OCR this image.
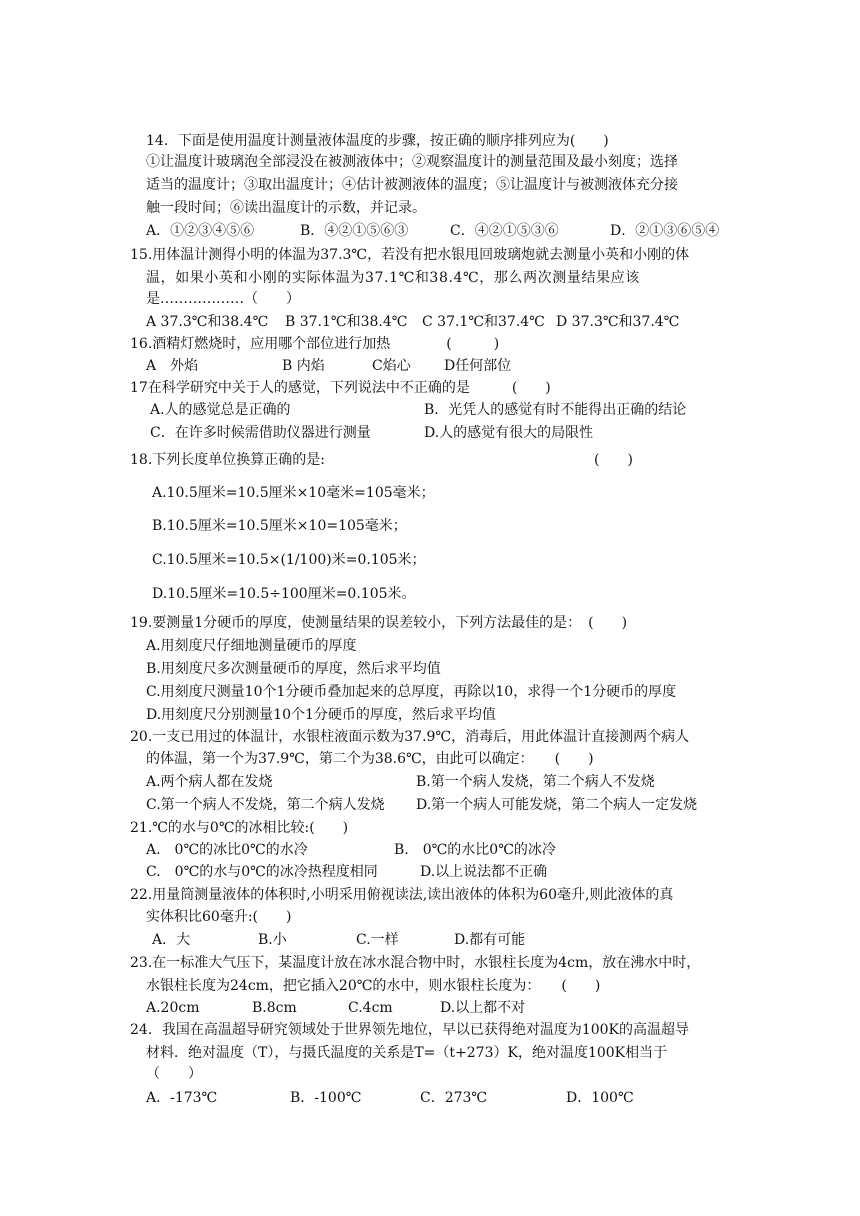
14．下面是使用温度计测量液体温度的步骤，按正确的顺序排列应为(　　)
①让温度计玻璃泡全部浸没在被测液体中；②观察温度计的测量范围及最小刻度；选择
适当的温度计；③取出温度计；④估计被测液体的温度；⑤让温度计与被测液体充分接
触一段时间；⑥读出温度计的示数，并记录。
A．①②③④⑤⑥	B．④②①⑤⑥③	C．④②①⑤③⑥	D．②①③⑥⑤④
15.用体温计测得小明的体温为37.3℃，若没有把水银甩回玻璃炮就去测量小英和小刚的体
温，如果小英和小刚的实际体温为37.1℃和38.4℃，那么两次测量结果应该
是………………（　　）
A 37.3℃和38.4℃ B 37.1℃和38.4℃ C 37.1℃和37.4℃ D 37.3℃和37.4℃
16.酒精灯燃烧时，应用哪个部位进行加热　　　　(　　　)
A　外焰	B 内焰	C焰心 D任何部位
17在科学研究中关于人的感觉，下列说法中不正确的是　　　(　　)
A.人的感觉总是正确的	B．光凭人的感觉有时不能得出正确的结论
C．在许多时候需借助仪器进行测量	D.人的感觉有很大的局限性
18.下列长度单位换算正确的是:	(　　)
A.10.5厘米=10.5厘米×10毫米=105毫米；
B.10.5厘米=10.5厘米×10=105毫米；
C.10.5厘米=10.5×(1/100)米=0.105米；
D.10.5厘米=10.5÷100厘米=0.105米。
19.要测量1分硬币的厚度，使测量结果的误差较小，下列方法最佳的是：　(　　)
A.用刻度尺仔细地测量硬币的厚度
B.用刻度尺多次测量硬币的厚度，然后求平均值
C.用刻度尺测量10个1分硬币叠加起来的总厚度，再除以10，求得一个1分硬币的厚度
D.用刻度尺分别测量10个1分硬币的厚度，然后求平均值
20.一支已用过的体温计，水银柱液面示数为37.9℃，消毒后，用此体温计直接测两个病人
的体温，第一个为37.9℃，第二个为38.6℃，由此可以确定：　　(　　)
A.两个病人都在发烧	B.第一个病人发烧，第二个病人不发烧
C.第一个病人不发烧，第二个病人发烧 D.第一个病人可能发烧，第二个病人一定发烧
21.℃的水与0℃的冰相比较:(　　)
A.　0℃的冰比0℃的水冷	B.　0℃的水比0℃的冰冷
C.　0℃的水与0℃的冰冷热程度相同	D.以上说法都不正确
22.用量筒测量液体的体积时,小明采用俯视读法,读出液体的体积为60毫升,则此液体的真
实体积比60毫升:(　　)
A．大	B.小	C.一样	D.都有可能
23.在一标准大气压下，某温度计放在冰水混合物中时，水银柱长度为4cm，放在沸水中时，
水银柱长度为24cm，把它插入20℃的水中，则水银柱长度为：　　(　　)
A.20cm	B.8cm	C.4cm	D.以上都不对
24．我国在高温超导研究领域处于世界领先地位，早以已获得绝对温度为100K的高温超导
材料．绝对温度（T），与摄氏温度的关系是T=（t+273）K，绝对温度100K相当于
（　　）
A．-173℃	B．-100℃	C．273℃	D．100℃
